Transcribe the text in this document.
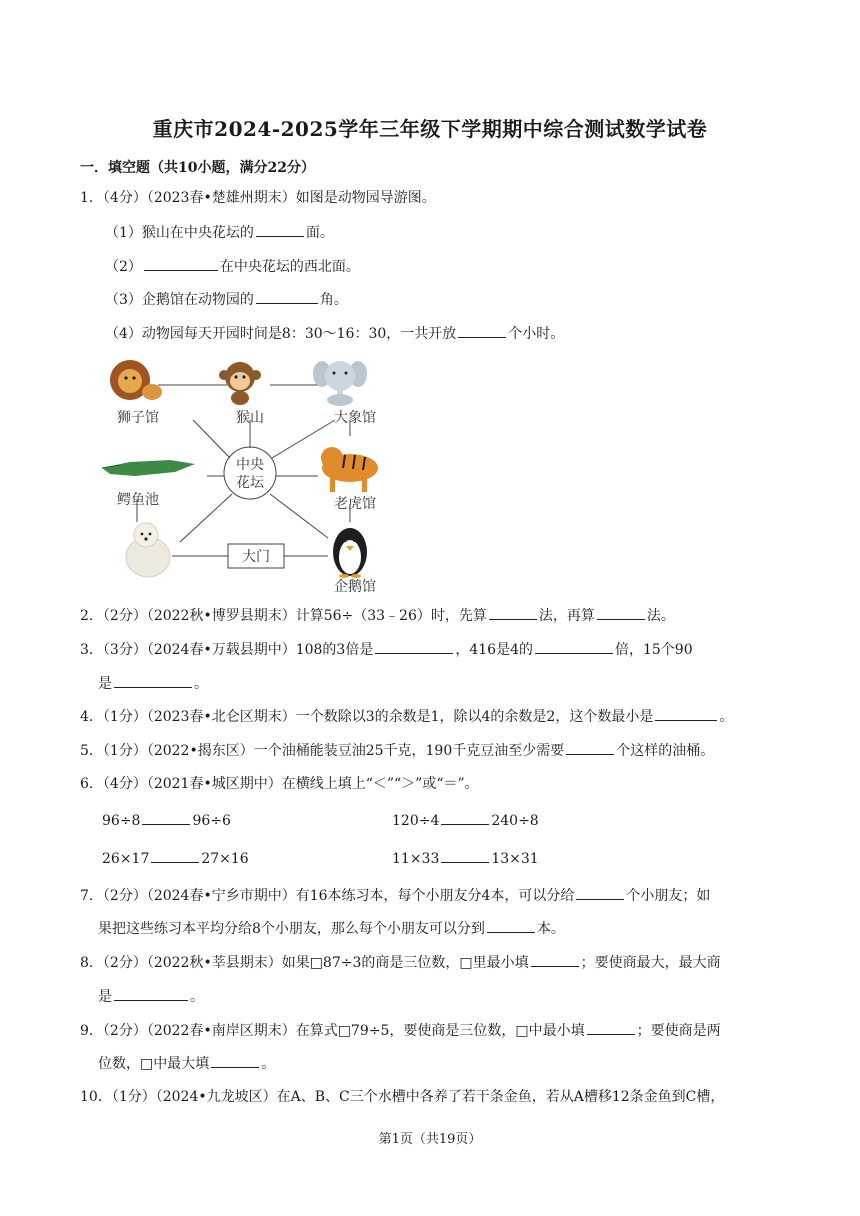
重庆市2024-2025学年三年级下学期期中综合测试数学试卷
一．填空题（共10小题，满分22分）
1．（4分）（2023春•楚雄州期末）如图是动物园导游图。
（1）猴山在中央花坛的	面。
（2）	在中央花坛的西北面。
（3）企鹅馆在动物园的	角。
（4）动物园每天开园时间是8：30～16：30，一共开放	个小时。
狮子馆	猴山	大象馆
中央
花坛
鳄鱼池	老虎馆
大门
企鹅馆
2．（2分）（2022秋•博罗县期末）计算56÷（33﹣26）时，先算	法，再算	法。
3．（3分）（2024春•万载县期中）108的3倍是	，416是4的	倍，15个90
是	。
4．（1分）（2023春•北仑区期末）一个数除以3的余数是1，除以4的余数是2，这个数最小是	。
5．（1分）（2022•揭东区）一个油桶能装豆油25千克，190千克豆油至少需要	个这样的油桶。
6．（4分）（2021春•城区期中）在横线上填上“＜”“＞”或“＝”。
96÷8	96÷6	120÷4	240÷8
26×17	27×16	11×33	13×31
7．（2分）（2024春•宁乡市期中）有16本练习本，每个小朋友分4本，可以分给	个小朋友；如
果把这些练习本平均分给8个小朋友，那么每个小朋友可以分到	本。
8．（2分）（2022秋•莘县期末）如果□87÷3的商是三位数，□里最小填	；要使商最大，最大商
是	。
9．（2分）（2022春•南岸区期末）在算式□79÷5，要使商是三位数，□中最小填	；要使商是两
位数，□中最大填	。
10．（1分）（2024•九龙坡区）在A、B、C三个水槽中各养了若干条金鱼，若从A槽移12条金鱼到C槽，
第1页（共19页）
